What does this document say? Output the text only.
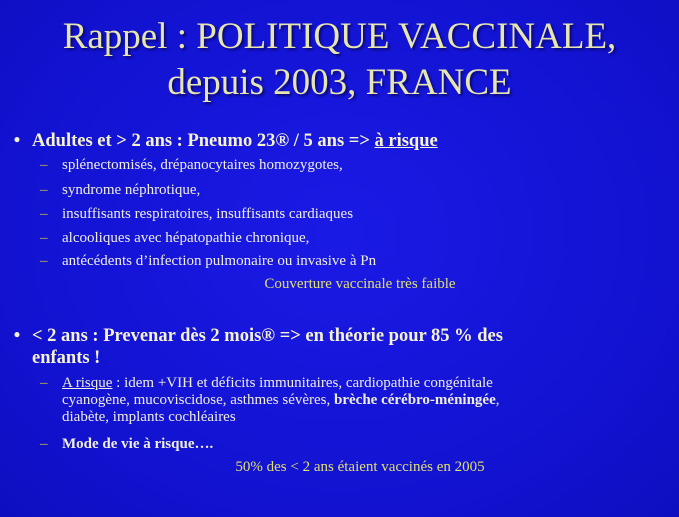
Rappel : POLITIQUE VACCINALE,
depuis 2003, FRANCE
• Adultes et > 2 ans : Pneumo 23® / 5 ans => à risque
– splénectomisés, drépanocytaires homozygotes,
– syndrome néphrotique,
– insuffisants respiratoires, insuffisants cardiaques
– alcooliques avec hépatopathie chronique,
– antécédents d’infection pulmonaire ou invasive à Pn
Couverture vaccinale très faible
• < 2 ans : Prevenar dès 2 mois® => en théorie pour 85 % des
enfants !
– A risque : idem +VIH et déficits immunitaires, cardiopathie congénitale
cyanogène, mucoviscidose, asthmes sévères, brèche cérébro-méningée,
diabète, implants cochléaires
– Mode de vie à risque….
50% des < 2 ans étaient vaccinés en 2005
